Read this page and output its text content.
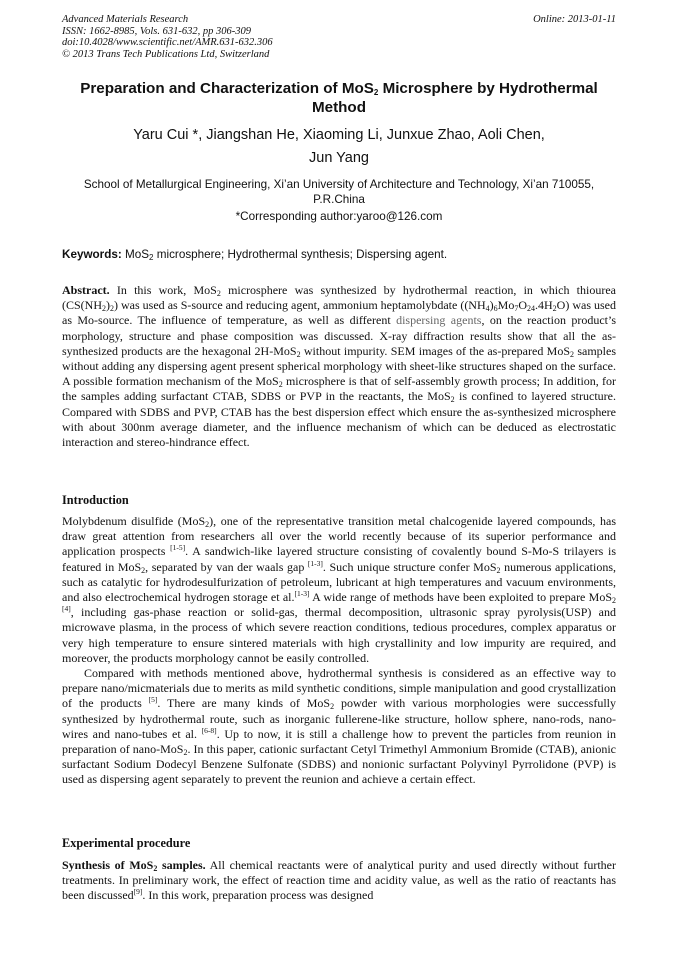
Advanced Materials Research
ISSN: 1662-8985, Vols. 631-632, pp 306-309
doi:10.4028/www.scientific.net/AMR.631-632.306
© 2013 Trans Tech Publications Ltd, Switzerland
Online: 2013-01-11
Preparation and Characterization of MoS$_2$ Microsphere by Hydrothermal Method
Yaru Cui *, Jiangshan He, Xiaoming Li, Junxue Zhao, Aoli Chen,
Jun Yang
School of Metallurgical Engineering, Xi’an University of Architecture and Technology, Xi’an 710055, P.R.China
*Corresponding author:yaroo@126.com
Keywords: MoS$_2$ microsphere; Hydrothermal synthesis; Dispersing agent.
Abstract. In this work, MoS$_2$ microsphere was synthesized by hydrothermal reaction, in which thiourea $(CS(NH_2)_2)$ was used as S-source and reducing agent, ammonium heptamolybdate $((NH_4)_6Mo_7O_{24}.4H_2O)$ was used as Mo-source. The influence of temperature, as well as different dispersing agents, on the reaction product’s morphology, structure and phase composition was discussed. X-ray diffraction results show that all the as-synthesized products are the hexagonal 2H-MoS$_2$ without impurity. SEM images of the as-prepared MoS$_2$ samples without adding any dispersing agent present spherical morphology with sheet-like structures shaped on the surface. A possible formation mechanism of the MoS$_2$ microsphere is that of self-assembly growth process; In addition, for the samples adding surfactant CTAB, SDBS or PVP in the reactants, the MoS$_2$ is confined to layered structure. Compared with SDBS and PVP, CTAB has the best dispersion effect which ensure the as-synthesized microsphere with about 300nm average diameter, and the influence mechanism of which can be deduced as electrostatic interaction and stereo-hindrance effect.
Introduction

Molybdenum disulfide (MoS$_2$), one of the representative transition metal chalcogenide layered compounds, has draw great attention from researchers all over the world recently because of its superior performance and application prospects [1-5]. A sandwich-like layered structure consisting of covalently bound S-Mo-S trilayers is featured in MoS$_2$, separated by van der waals gap [1-3]. Such unique structure confer MoS$_2$ numerous applications, such as catalytic for hydrodesulfurization of petroleum, lubricant at high temperatures and vacuum environments, and also electrochemical hydrogen storage et al.[1-3] A wide range of methods have been exploited to prepare MoS$_2$ [4], including gas-phase reaction or solid-gas, thermal decomposition, ultrasonic spray pyrolysis(USP) and microwave plasma, in the process of which severe reaction conditions, tedious procedures, complex apparatus or very high temperature to ensure sintered materials with high crystallinity and low impurity are required, and moreover, the products morphology cannot be easily controlled.

Compared with methods mentioned above, hydrothermal synthesis is considered as an effective way to prepare nano/micmaterials due to merits as mild synthetic conditions, simple manipulation and good crystallization of the products [5]. There are many kinds of MoS$_2$ powder with various morphologies were successfully synthesized by hydrothermal route, such as inorganic fullerene-like structure, hollow sphere, nano-rods, nano-wires and nano-tubes et al. [6-8]. Up to now, it is still a challenge how to prevent the particles from reunion in preparation of nano-MoS$_2$. In this paper, cationic surfactant Cetyl Trimethyl Ammonium Bromide (CTAB), anionic surfactant Sodium Dodecyl Benzene Sulfonate (SDBS) and nonionic surfactant Polyvinyl Pyrrolidone (PVP) is used as dispersing agent separately to prevent the reunion and achieve a certain effect.

Experimental procedure
Synthesis of MoS$_2$ samples. All chemical reactants were of analytical purity and used directly without further treatments. In preliminary work, the effect of reaction time and acidity value, as well as the ratio of reactants has been discussed[9]. In this work, preparation process was designed
